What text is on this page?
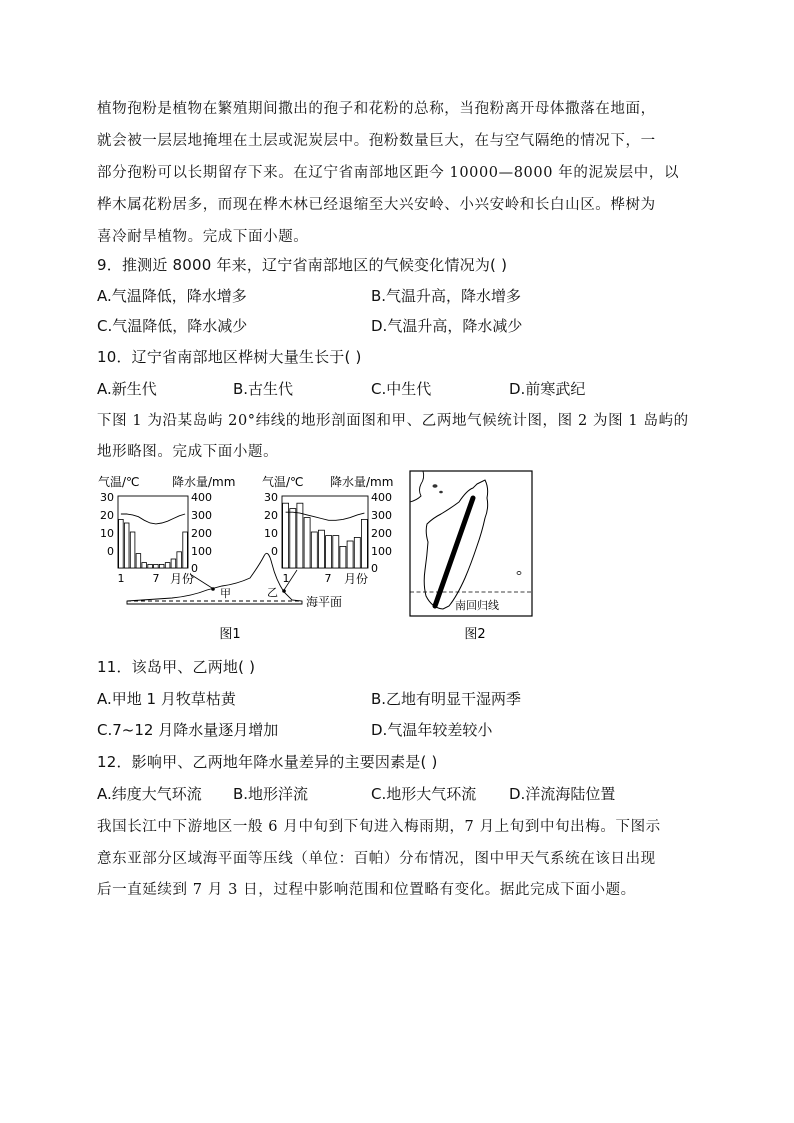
植物孢粉是植物在繁殖期间撒出的孢子和花粉的总称，当孢粉离开母体撒落在地面，
就会被一层层地掩埋在土层或泥炭层中。孢粉数量巨大，在与空气隔绝的情况下，一
部分孢粉可以长期留存下来。在辽宁省南部地区距今 10000—8000 年的泥炭层中，以
桦木属花粉居多，而现在桦木林已经退缩至大兴安岭、小兴安岭和长白山区。桦树为
喜冷耐旱植物。完成下面小题。
9．推测近 8000 年来，辽宁省南部地区的气候变化情况为( )
A.气温降低，降水增多	B.气温升高，降水增多
C.气温降低，降水减少	D.气温升高，降水减少
10．辽宁省南部地区桦树大量生长于( )
A.新生代	B.古生代	C.中生代	D.前寒武纪
下图 1 为沿某岛屿 20°纬线的地形剖面图和甲、乙两地气候统计图，图 2 为图 1 岛屿的
地形略图。完成下面小题。
气温/℃	降水量/mm
30
20
10
0
400
300
200
100
0
1	7 月份
气温/℃ 降水量/mm
30
20
10
0
400
300
200
100
0
1	7 月份
甲	乙
海平面
图1
南回归线
图2
11．该岛甲、乙两地( )
A.甲地 1 月牧草枯黄	B.乙地有明显干湿两季
C.7~12 月降水量逐月增加	D.气温年较差较小
12．影响甲、乙两地年降水量差异的主要因素是( )
A.纬度大气环流 B.地形洋流	C.地形大气环流 D.洋流海陆位置
我国长江中下游地区一般 6 月中旬到下旬进入梅雨期，7 月上旬到中旬出梅。下图示
意东亚部分区域海平面等压线（单位：百帕）分布情况，图中甲天气系统在该日出现
后一直延续到 7 月 3 日，过程中影响范围和位置略有变化。据此完成下面小题。
